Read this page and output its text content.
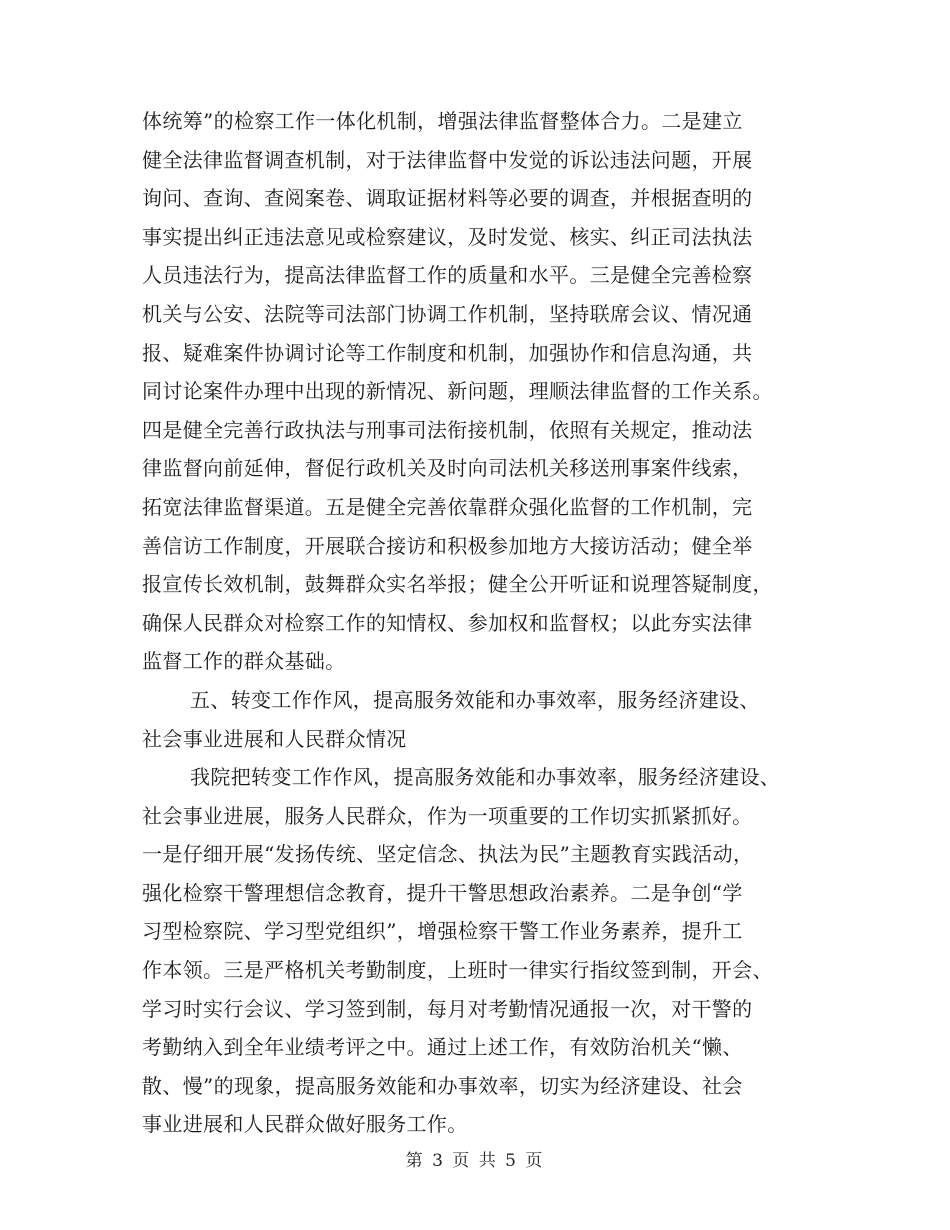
体统筹”的检察工作一体化机制，增强法律监督整体合力。二是建立
健全法律监督调查机制，对于法律监督中发觉的诉讼违法问题，开展
询问、查询、查阅案卷、调取证据材料等必要的调查，并根据查明的
事实提出纠正违法意见或检察建议，及时发觉、核实、纠正司法执法
人员违法行为，提高法律监督工作的质量和水平。三是健全完善检察
机关与公安、法院等司法部门协调工作机制，坚持联席会议、情况通
报、疑难案件协调讨论等工作制度和机制，加强协作和信息沟通，共
同讨论案件办理中出现的新情况、新问题，理顺法律监督的工作关系。
四是健全完善行政执法与刑事司法衔接机制，依照有关规定，推动法
律监督向前延伸，督促行政机关及时向司法机关移送刑事案件线索，
拓宽法律监督渠道。五是健全完善依靠群众强化监督的工作机制，完
善信访工作制度，开展联合接访和积极参加地方大接访活动；健全举
报宣传长效机制，鼓舞群众实名举报；健全公开听证和说理答疑制度，
确保人民群众对检察工作的知情权、参加权和监督权；以此夯实法律
监督工作的群众基础。
五、转变工作作风，提高服务效能和办事效率，服务经济建设、
社会事业进展和人民群众情况
我院把转变工作作风，提高服务效能和办事效率，服务经济建设、
社会事业进展，服务人民群众，作为一项重要的工作切实抓紧抓好。
一是仔细开展“发扬传统、坚定信念、执法为民”主题教育实践活动，
强化检察干警理想信念教育，提升干警思想政治素养。二是争创“学
习型检察院、学习型党组织”，增强检察干警工作业务素养，提升工
作本领。三是严格机关考勤制度，上班时一律实行指纹签到制，开会、
学习时实行会议、学习签到制，每月对考勤情况通报一次，对干警的
考勤纳入到全年业绩考评之中。通过上述工作，有效防治机关“懒、
散、慢”的现象，提高服务效能和办事效率，切实为经济建设、社会
事业进展和人民群众做好服务工作。
第 3 页 共 5 页
